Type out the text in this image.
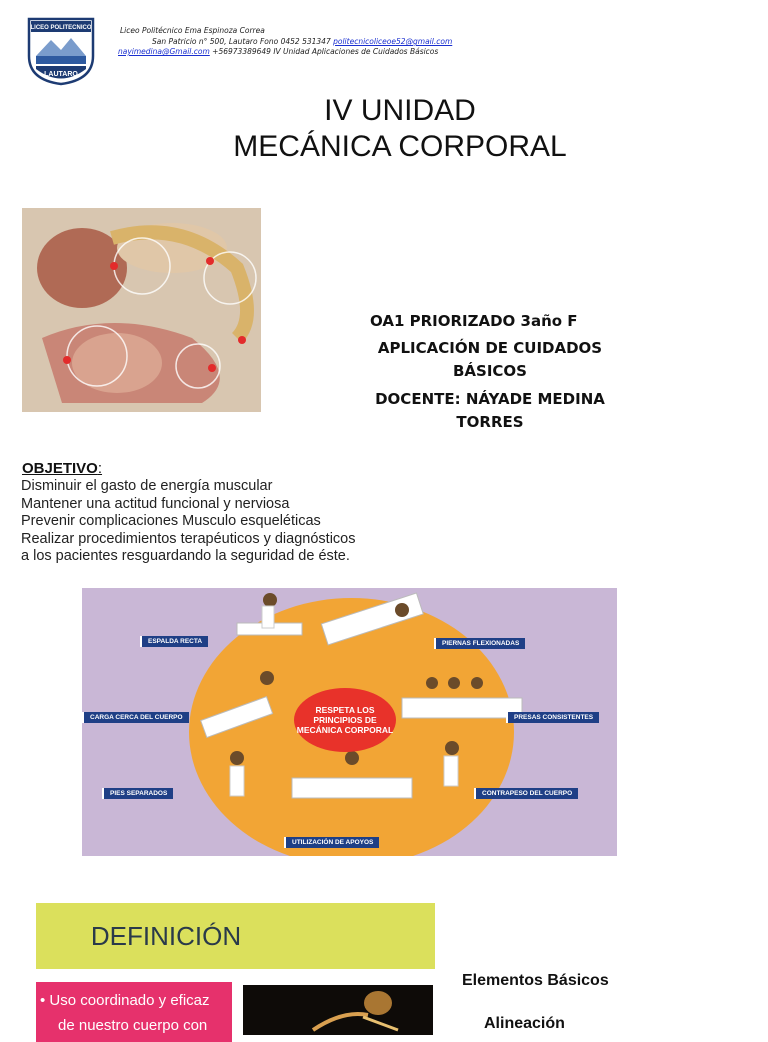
LICEO POLITECNICO
LAUTARO
Liceo Politécnico Ema Espinoza Correa
San Patricio n° 500, Lautaro Fono 0452 531347 politecnicoliceoe52@gmail.com
nayimedina@Gmail.com +56973389649 IV Unidad Aplicaciones de Cuidados Básicos
IV UNIDAD
MECÁNICA CORPORAL
OA1 PRIORIZADO 3año F
APLICACIÓN DE CUIDADOS BÁSICOS
DOCENTE: NÁYADE MEDINA TORRES
OBJETIVO:
Disminuir el gasto de energía muscular
Mantener una actitud funcional y nerviosa
Prevenir complicaciones Musculo esqueléticas
Realizar procedimientos terapéuticos y diagnósticos a los pacientes resguardando la seguridad de éste.
RESPETA LOS PRINCIPIOS DE MECÁNICA CORPORAL
ESPALDA RECTA	PIERNAS FLEXIONADAS
CARGA CERCA DEL CUERPO	PRESAS CONSISTENTES
PIES SEPARADOS	CONTRAPESO DEL CUERPO
UTILIZACIÓN DE APOYOS
DEFINICIÓN
• Uso coordinado y eficaz
de nuestro cuerpo con
Elementos Básicos
Alineación
